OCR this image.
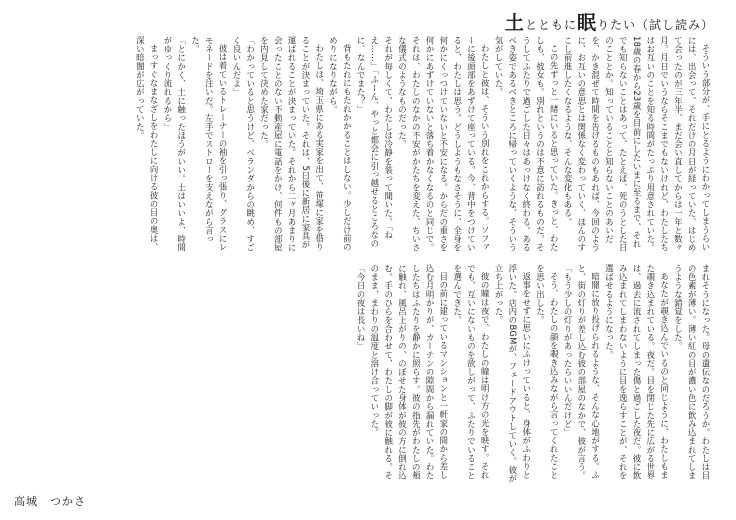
土とともに眠りたい（試し読み）

そういう部分が、手にとるようにわかってしまうらいには、出会って、それだけの月日が経っていた。はじめて会ったのが三年半、まだ会い直してからは一年と数ヶ月。月日でいうならそこまでもないけれど、わたしたちはお互いのことを知る時間がたっぷり用意されていた。18歳の春から23歳を目前にしたいまに至るまで、それでも知らないことはあって、たとえば、死のうとした日のこととか。知っていることと知らないことのあいだを、かき混ぜて時間を告げるものもあれば、今回のように、お互いの意思とは関係なく変わっていく、ほんのすこし前進したくなるような、そんな変化もある。

この先ずっと一緒にいると思っていた。きっと、わたしも、彼女も。別れというのは不意に訪れるものだ。そうしてふたりで過ごした日々はあっけなく終わる。あるべき姿であるべきところに帰っていくような、そういう気がしていた。

わたしと彼は、そういう別れをこれからする。ソファーに後頭部をあずけて座っている。今、背中をつけていると、わたしは思う。どうしようもなさそうに、全身を何かにくっつけていないと不安になる。からだの重さを何かにあずけていないと落ち着かなくなるのと同じで。それは、わたしのなかの不安がかたちを変えた、ちいさな儀式のようなものだった。

それが毎しくて、わたしは冷静を装って聞いた。「ねえ……」「ふーん、やっと都会に引っ越せるところなのに、なんでまた？」

背もたれにもたれかかることはしない。少しだけ前のめりになりながら。

わたしは、埼玉県にある実家を出て、笹塚に家を借りることが決まっていた。それは、5日後に新居に家具が運ばれることが決まっていた。それから二ヶ月あまりに会ったことのない不動産屋に電話をかけ、何件もの部屋を内見して決めた家だった。

「わかっていると思うけど、ベランダからの眺め、すごく良いんだよ」

彼は着ているトレーナーの袖を引っ張り、グラスにレモネードを注いだ。左手でストローを支えながら言った。

「とにかく、土に触ったほうがいい。土はいいよ、時間がゆっくり流れるから」

まっすぐなまなざしをわたしに向ける彼の目の奥は、深い暗闇が広がっていた。

まれそうになった。母の遺伝なのだろうか。わたしは目の色素が薄い。薄い紅の目が濃い色に飲み込まれてしまうような錯覚をした。

あなたが覗き込んでいるのと同じように、わたしもまた覗き込まれている。夜だ。目を閉じた先に広がる世界は、過去に流されてしまった傷と過ごした夜だ。彼に飲み込まれてしまわないように目を逸らすことが、それを選ばせるようになった。

暗闇に放り投げられるような、そんな心地がする。ふと、街の灯りが差し込む彼の部屋のなかで、彼が言う。

「もう少しの灯りがあったらいいんだけど」

そう、わたしの顔を覗き込みながら言ってくれたことを思い出した。

返事をせずに思いにふけっていると、身体がふわりと浮いた。店内のBGMが、フェードアウトしていく。彼が立ち上がった。

彼の瞳は夜で、わたしの瞳は明け方の光を映す。それでも、互いにないものを欲しがって、ふたりでいることを選んできた。

目の前に建っているマンションと一軒家の間から差し込む月明かりが、カーテンの隙間から漏れていた。わたしたちはふたりを静かに照らす。彼の指先がわたしの頬に触れ、風呂上がりの、のぼせた身体が彼の方に倒れ込む。手のひらを合わせて、わたしの脚が彼に触れる。そのまま、まわりの温度と溶け合っていった。

「今日の夜は長いね」

高城　つかさ
